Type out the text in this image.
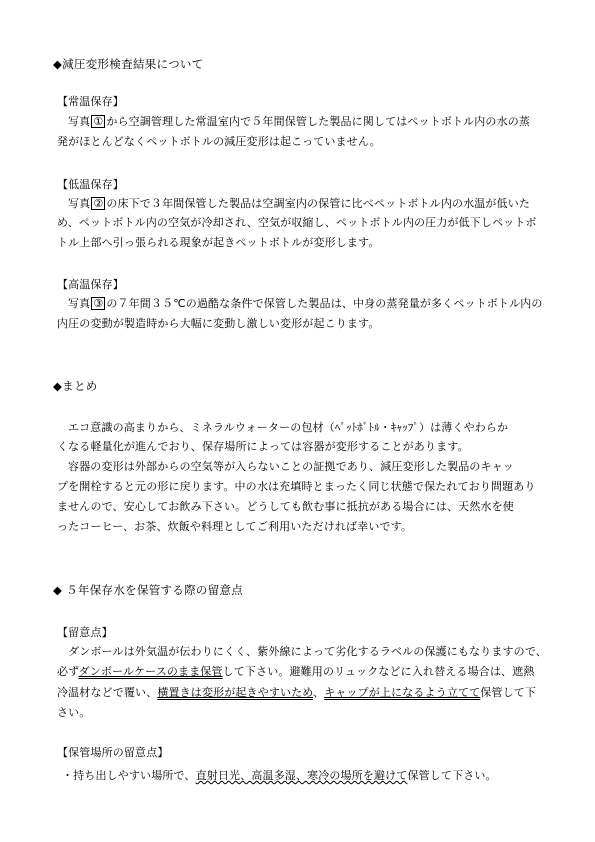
◆減圧変形検査結果について
【常温保存】
写真 ① から空調管理した常温室内で５年間保管した製品に関してはペットボトル内の水の蒸
発がほとんどなくペットボトルの減圧変形は起こっていません。
【低温保存】
写真 ② の床下で３年間保管した製品は空調室内の保管に比べペットボトル内の水温が低いた
め、ペットボトル内の空気が冷却され、空気が収縮し、ペットボトル内の圧力が低下しペットボ
トル上部へ引っ張られる現象が起きペットボトルが変形します。
【高温保存】
写真 ③ の７年間３５℃の過酷な条件で保管した製品は、中身の蒸発量が多くペットボトル内の
内圧の変動が製造時から大幅に変動し激しい変形が起こります。
◆まとめ
エコ意識の高まりから、ミネラルウォーターの包材（ﾍﾟｯﾄﾎﾞﾄﾙ・ｷｬｯﾌﾟ）は薄くやわらか
くなる軽量化が進んでおり、保存場所によっては容器が変形することがあります。
容器の変形は外部からの空気等が入らないことの証拠であり、減圧変形した製品のキャッ
プを開栓すると元の形に戻ります。中の水は充填時とまったく同じ状態で保たれており問題あり
ませんので、安心してお飲み下さい。どうしても飲む事に抵抗がある場合には、天然水を使
ったコーヒー、お茶、炊飯や料理としてご利用いただければ幸いです。
◆ ５年保存水を保管する際の留意点
【留意点】
ダンボールは外気温が伝わりにくく、紫外線によって劣化するラベルの保護にもなりますので、
必ずダンボールケースのまま保管して下さい。避難用のリュックなどに入れ替える場合は、遮熱
冷温材などで覆い、横置きは変形が起きやすいため、キャップが上になるよう立てて保管して下
さい。
【保管場所の留意点】
・持ち出しやすい場所で、直射日光、高温多湿、寒冷の場所を避けて保管して下さい。
